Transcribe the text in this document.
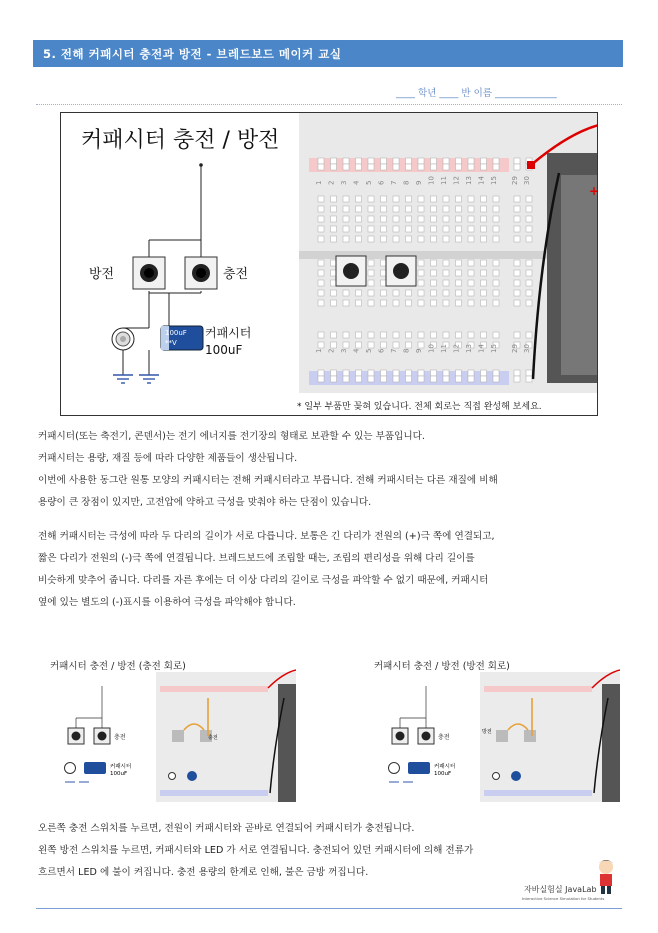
5. 전해 커패시터 충전과 방전 - 브레드보드 메이커 교실
____ 학년 ____ 반 이름 _____________
커패시터 충전 / 방전
100uF
**V
방전	충전
커패시터
100uF
1
1
2
2
3
3
4
4
5
5
6
6
7
7
8
8
9
9
10
10
11
11
12
12
13
13
14
14
15
15
29
29
30
30
+
* 일부 부품만 꽂혀 있습니다. 전체 회로는 직접 완성해 보세요.

커패시터(또는 축전기, 콘덴서)는 전기 에너지를 전기장의 형태로 보관할 수 있는 부품입니다.

커패시터는 용량, 재질 등에 따라 다양한 제품들이 생산됩니다.

이번에 사용한 동그란 원통 모양의 커패시터는 전해 커패시터라고 부릅니다. 전해 커패시터는 다른 재질에 비해

용량이 큰 장점이 있지만, 고전압에 약하고 극성을 맞춰야 하는 단점이 있습니다.

전해 커패시터는 극성에 따라 두 다리의 길이가 서로 다릅니다. 보통은 긴 다리가 전원의 (+)극 쪽에 연결되고,

짧은 다리가 전원의 (-)극 쪽에 연결됩니다. 브레드보드에 조립할 때는, 조립의 편리성을 위해 다리 길이를

비슷하게 맞추어 줍니다. 다리를 자른 후에는 더 이상 다리의 길이로 극성을 파악할 수 없기 때문에, 커패시터

옆에 있는 별도의 (-)표시를 이용하여 극성을 파악해야 합니다.

커패시터 충전 / 방전 (충전 회로)
충전
커패시터
100uF
충전
커패시터 충전 / 방전 (방전 회로)
충전
커패시터
100uF
방전

오른쪽 충전 스위치를 누르면, 전원이 커패시터와 곧바로 연결되어 커패시터가 충전됩니다.

왼쪽 방전 스위치를 누르면, 커패시터와 LED 가 서로 연결됩니다. 충전되어 있던 커패시터에 의해 전류가

흐르면서 LED 에 불이 켜집니다. 충전 용량의 한계로 인해, 불은 금방 꺼집니다.

자바실험실 JavaLab
Interactive Science Simulation for Students
